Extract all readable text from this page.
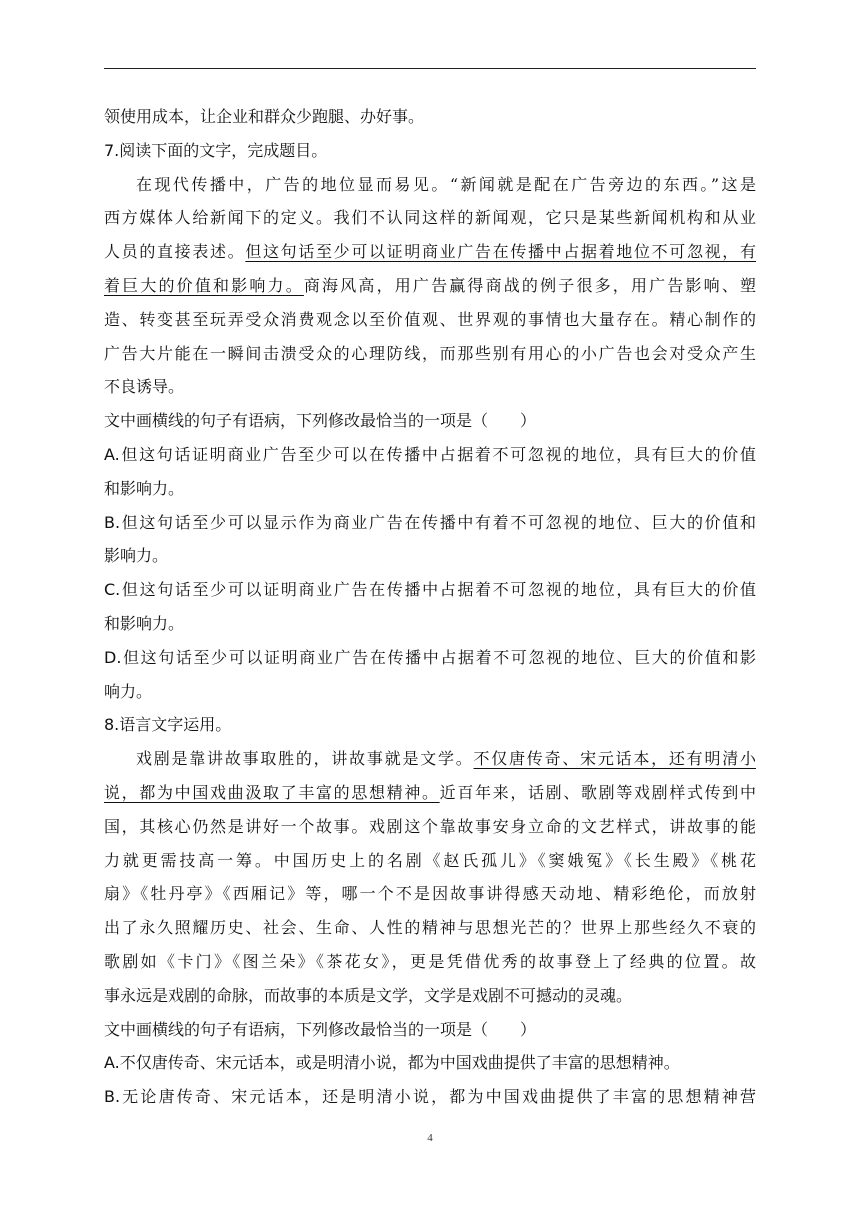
领使用成本，让企业和群众少跑腿、办好事。
7.阅读下面的文字，完成题目。
在现代传播中，广告的地位显而易见。“新闻就是配在广告旁边的东西。”这是
西方媒体人给新闻下的定义。我们不认同这样的新闻观，它只是某些新闻机构和从业
人员的直接表述。但这句话至少可以证明商业广告在传播中占据着地位不可忽视，有
着巨大的价值和影响力。商海风高，用广告赢得商战的例子很多，用广告影响、塑
造、转变甚至玩弄受众消费观念以至价值观、世界观的事情也大量存在。精心制作的
广告大片能在一瞬间击溃受众的心理防线，而那些别有用心的小广告也会对受众产生
不良诱导。
文中画横线的句子有语病，下列修改最恰当的一项是（　　）
A.但这句话证明商业广告至少可以在传播中占据着不可忽视的地位，具有巨大的价值
和影响力。
B.但这句话至少可以显示作为商业广告在传播中有着不可忽视的地位、巨大的价值和
影响力。
C.但这句话至少可以证明商业广告在传播中占据着不可忽视的地位，具有巨大的价值
和影响力。
D.但这句话至少可以证明商业广告在传播中占据着不可忽视的地位、巨大的价值和影
响力。
8.语言文字运用。
戏剧是靠讲故事取胜的，讲故事就是文学。不仅唐传奇、宋元话本，还有明清小
说，都为中国戏曲汲取了丰富的思想精神。近百年来，话剧、歌剧等戏剧样式传到中
国，其核心仍然是讲好一个故事。戏剧这个靠故事安身立命的文艺样式，讲故事的能
力就更需技高一筹。中国历史上的名剧《赵氏孤儿》《窦娥冤》《长生殿》《桃花
扇》《牡丹亭》《西厢记》等，哪一个不是因故事讲得感天动地、精彩绝伦，而放射
出了永久照耀历史、社会、生命、人性的精神与思想光芒的？世界上那些经久不衰的
歌剧如《卡门》《图兰朵》《茶花女》，更是凭借优秀的故事登上了经典的位置。故
事永远是戏剧的命脉，而故事的本质是文学，文学是戏剧不可撼动的灵魂。
文中画横线的句子有语病，下列修改最恰当的一项是（　　）
A.不仅唐传奇、宋元话本，或是明清小说，都为中国戏曲提供了丰富的思想精神。
B.无论唐传奇、宋元话本，还是明清小说，都为中国戏曲提供了丰富的思想精神营
4
